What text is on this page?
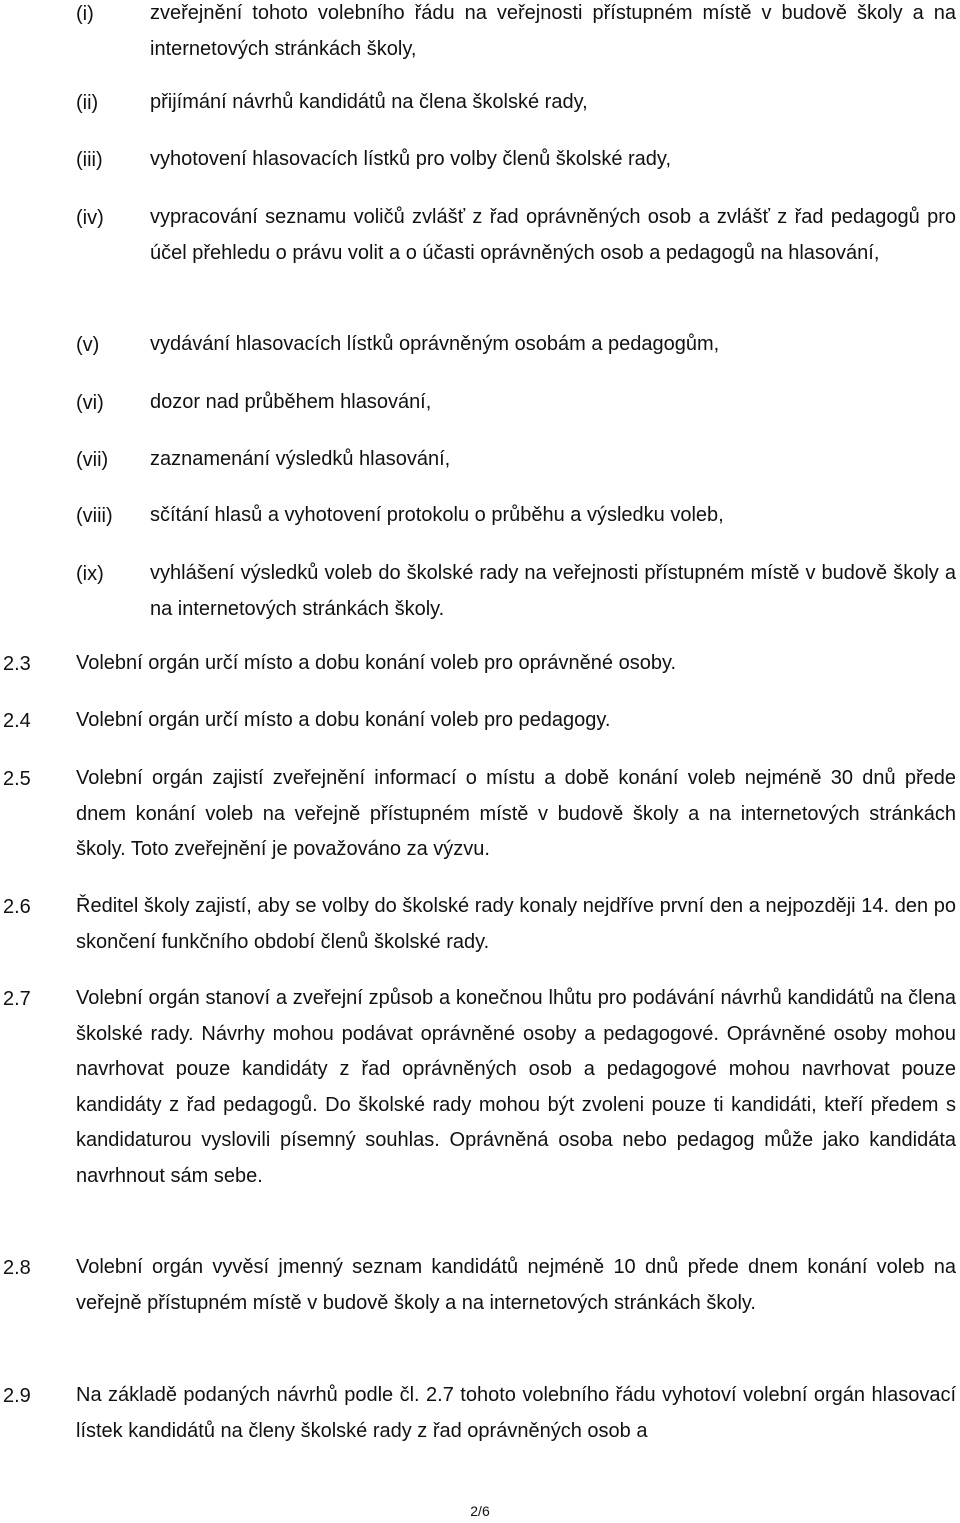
(i)	zveřejnění tohoto volebního řádu na veřejnosti přístupném místě v budově školy a na internetových stránkách školy,
(ii)	přijímání návrhů kandidátů na člena školské rady,
(iii) vyhotovení hlasovacích lístků pro volby členů školské rady,
(iv) vypracování seznamu voličů zvlášť z řad oprávněných osob a zvlášť z řad pedagogů pro účel přehledu o právu volit a o účasti oprávněných osob a pedagogů na hlasování,
(v)	vydávání hlasovacích lístků oprávněným osobám a pedagogům,
(vi) dozor nad průběhem hlasování,
(vii) zaznamenání výsledků hlasování,
(viii) sčítání hlasů a vyhotovení protokolu o průběhu a výsledku voleb,
(ix) vyhlášení výsledků voleb do školské rady na veřejnosti přístupném místě v budově školy a na internetových stránkách školy.
2.3 Volební orgán určí místo a dobu konání voleb pro oprávněné osoby.
2.4 Volební orgán určí místo a dobu konání voleb pro pedagogy.
2.5 Volební orgán zajistí zveřejnění informací o místu a době konání voleb nejméně 30 dnů přede dnem konání voleb na veřejně přístupném místě v budově školy a na internetových stránkách školy. Toto zveřejnění je považováno za výzvu.
2.6 Ředitel školy zajistí, aby se volby do školské rady konaly nejdříve první den a nejpozději 14. den po skončení funkčního období členů školské rady.
2.7 Volební orgán stanoví a zveřejní způsob a konečnou lhůtu pro podávání návrhů kandidátů na člena školské rady. Návrhy mohou podávat oprávněné osoby a pedagogové. Oprávněné osoby mohou navrhovat pouze kandidáty z řad oprávněných osob a pedagogové mohou navrhovat pouze kandidáty z řad pedagogů. Do školské rady mohou být zvoleni pouze ti kandidáti, kteří předem s kandidaturou vyslovili písemný souhlas. Oprávněná osoba nebo pedagog může jako kandidáta navrhnout sám sebe.
2.8 Volební orgán vyvěsí jmenný seznam kandidátů nejméně 10 dnů přede dnem konání voleb na veřejně přístupném místě v budově školy a na internetových stránkách školy.
2.9 Na základě podaných návrhů podle čl. 2.7 tohoto volebního řádu vyhotoví volební orgán hlasovací lístek kandidátů na členy školské rady z řad oprávněných osob a
2/6
